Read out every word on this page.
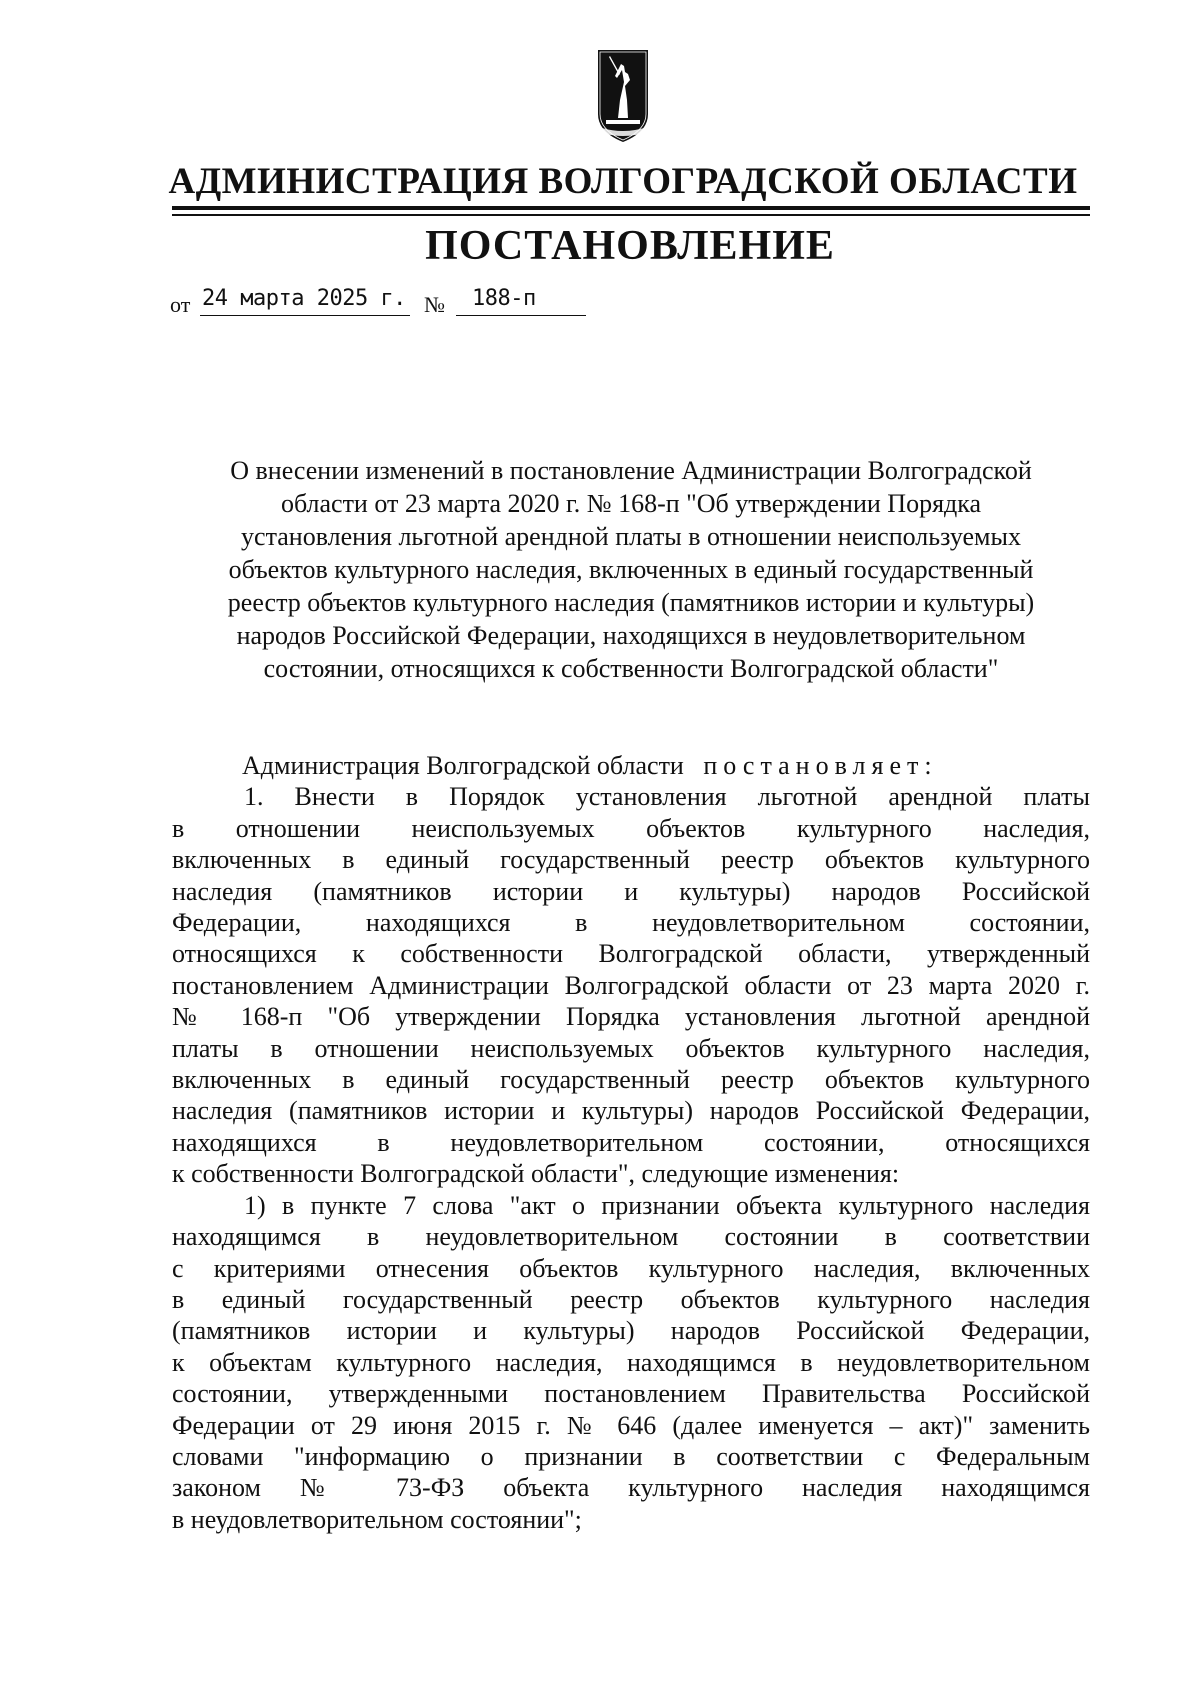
АДМИНИСТРАЦИЯ ВОЛГОГРАДСКОЙ ОБЛАСТИ
ПОСТАНОВЛЕНИЕ
от 24 марта 2025 г. № 188-п
О внесении изменений в постановление Администрации Волгоградской
области от 23 марта 2020 г. № 168-п "Об утверждении Порядка
установления льготной арендной платы в отношении неиспользуемых
объектов культурного наследия, включенных в единый государственный
реестр объектов культурного наследия (памятников истории и культуры)
народов Российской Федерации, находящихся в неудовлетворительном
состоянии, относящихся к собственности Волгоградской области"
Администрация Волгоградской области постановляет:
1. Внести в Порядок установления льготной арендной платы
в отношении неиспользуемых объектов культурного наследия,
включенных в единый государственный реестр объектов культурного
наследия (памятников истории и культуры) народов Российской
Федерации, находящихся в неудовлетворительном состоянии,
относящихся к собственности Волгоградской области, утвержденный
постановлением Администрации Волгоградской области от 23 марта 2020 г.
№ 168-п "Об утверждении Порядка установления льготной арендной
платы в отношении неиспользуемых объектов культурного наследия,
включенных в единый государственный реестр объектов культурного
наследия (памятников истории и культуры) народов Российской Федерации,
находящихся в неудовлетворительном состоянии, относящихся
к собственности Волгоградской области", следующие изменения:
1) в пункте 7 слова "акт о признании объекта культурного наследия
находящимся в неудовлетворительном состоянии в соответствии
с критериями отнесения объектов культурного наследия, включенных
в единый государственный реестр объектов культурного наследия
(памятников истории и культуры) народов Российской Федерации,
к объектам культурного наследия, находящимся в неудовлетворительном
состоянии, утвержденными постановлением Правительства Российской
Федерации от 29 июня 2015 г. № 646 (далее именуется – акт)" заменить
словами "информацию о признании в соответствии с Федеральным
законом № 73-ФЗ объекта культурного наследия находящимся
в неудовлетворительном состоянии";
